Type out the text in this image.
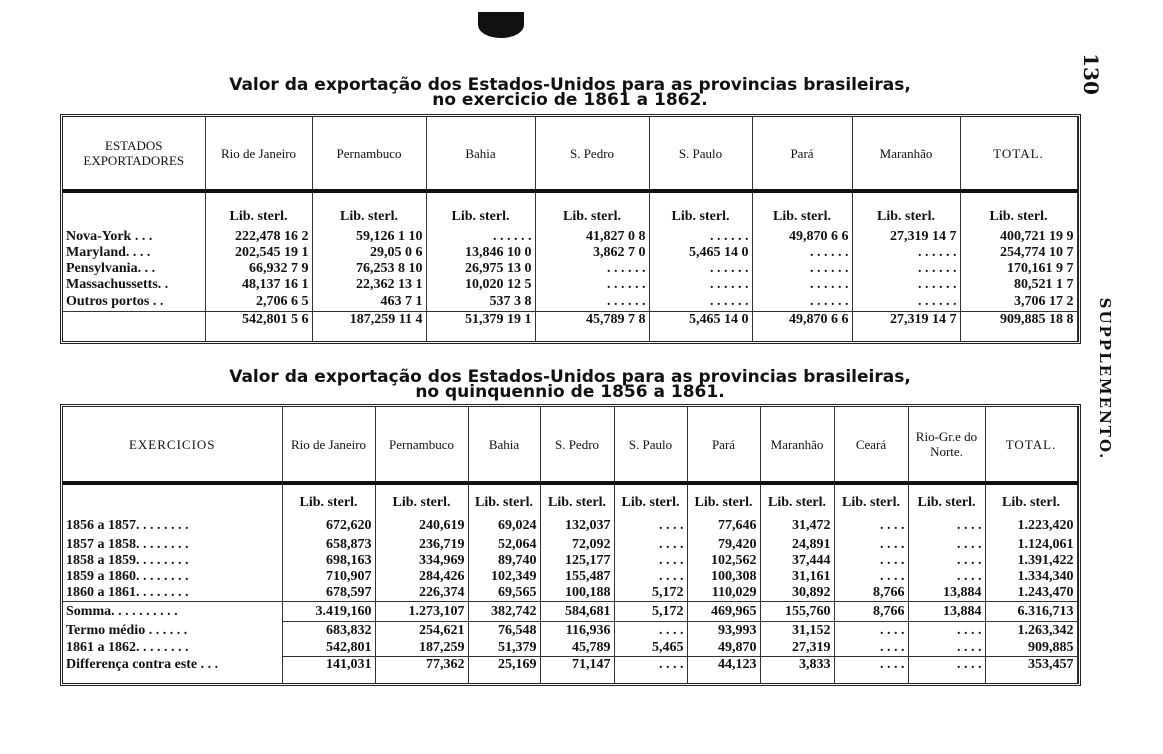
130
SUPPLEMENTO.
Valor da exportação dos Estados-Unidos para as provincias brasileiras,
no exercicio de 1861 a 1862.
ESTADOS EXPORTADORES	Rio de Janeiro	Pernambuco	Bahia	S. Pedro	S. Paulo	Pará	Maranhão	TOTAL.
	Lib. sterl.	Lib. sterl.	Lib. sterl.	Lib. sterl.	Lib. sterl.	Lib. sterl.	Lib. sterl.	Lib. sterl.
Nova-York . . .	222,478 16 2	59,126 1 10	. . . . . .	41,827 0 8	. . . . . .	49,870 6 6	27,319 14 7	400,721 19 9
Maryland. . . .	202,545 19 1	29,05 0 6	13,846 10 0	3,862 7 0	5,465 14 0	. . . . . .	. . . . . .	254,774 10 7
Pensylvania. . .	66,932 7 9	76,253 8 10	26,975 13 0	. . . . . .	. . . . . .	. . . . . .	. . . . . .	170,161 9 7
Massachussetts. .	48,137 16 1	22,362 13 1	10,020 12 5	. . . . . .	. . . . . .	. . . . . .	. . . . . .	80,521 1 7
Outros portos . .	2,706 6 5	463 7 1	537 3 8	. . . . . .	. . . . . .	. . . . . .	. . . . . .	3,706 17 2
	542,801 5 6	187,259 11 4	51,379 19 1	45,789 7 8	5,465 14 0	49,870 6 6	27,319 14 7	909,885 18 8
Valor da exportação dos Estados-Unidos para as provincias brasileiras,
no quinquennio de 1856 a 1861.
EXERCICIOS	Rio de Janeiro	Pernambuco	Bahia	S. Pedro	S. Paulo	Pará	Maranhão	Ceará	Rio-Gr.e do Norte.	TOTAL.
	Lib. sterl.	Lib. sterl.	Lib. sterl.	Lib. sterl.	Lib. sterl.	Lib. sterl.	Lib. sterl.	Lib. sterl.	Lib. sterl.	Lib. sterl.
1856 a 1857. . . . . . . .	672,620	240,619	69,024	132,037	. . . .	77,646	31,472	. . . .	. . . .	1.223,420
1857 a 1858. . . . . . . .	658,873	236,719	52,064	72,092	. . . .	79,420	24,891	. . . .	. . . .	1.124,061
1858 a 1859. . . . . . . .	698,163	334,969	89,740	125,177	. . . .	102,562	37,444	. . . .	. . . .	1.391,422
1859 a 1860. . . . . . . .	710,907	284,426	102,349	155,487	. . . .	100,308	31,161	. . . .	. . . .	1.334,340
1860 a 1861. . . . . . . .	678,597	226,374	69,565	100,188	5,172	110,029	30,892	8,766	13,884	1.243,470
Somma. . . . . . . . . .	3.419,160	1.273,107	382,742	584,681	5,172	469,965	155,760	8,766	13,884	6.316,713
Termo médio . . . . . .	683,832	254,621	76,548	116,936	. . . .	93,993	31,152	. . . .	. . . .	1.263,342
1861 a 1862. . . . . . . .	542,801	187,259	51,379	45,789	5,465	49,870	27,319	. . . .	. . . .	909,885
Differença contra este . . .	141,031	77,362	25,169	71,147	. . . .	44,123	3,833	. . . .	. . . .	353,457
